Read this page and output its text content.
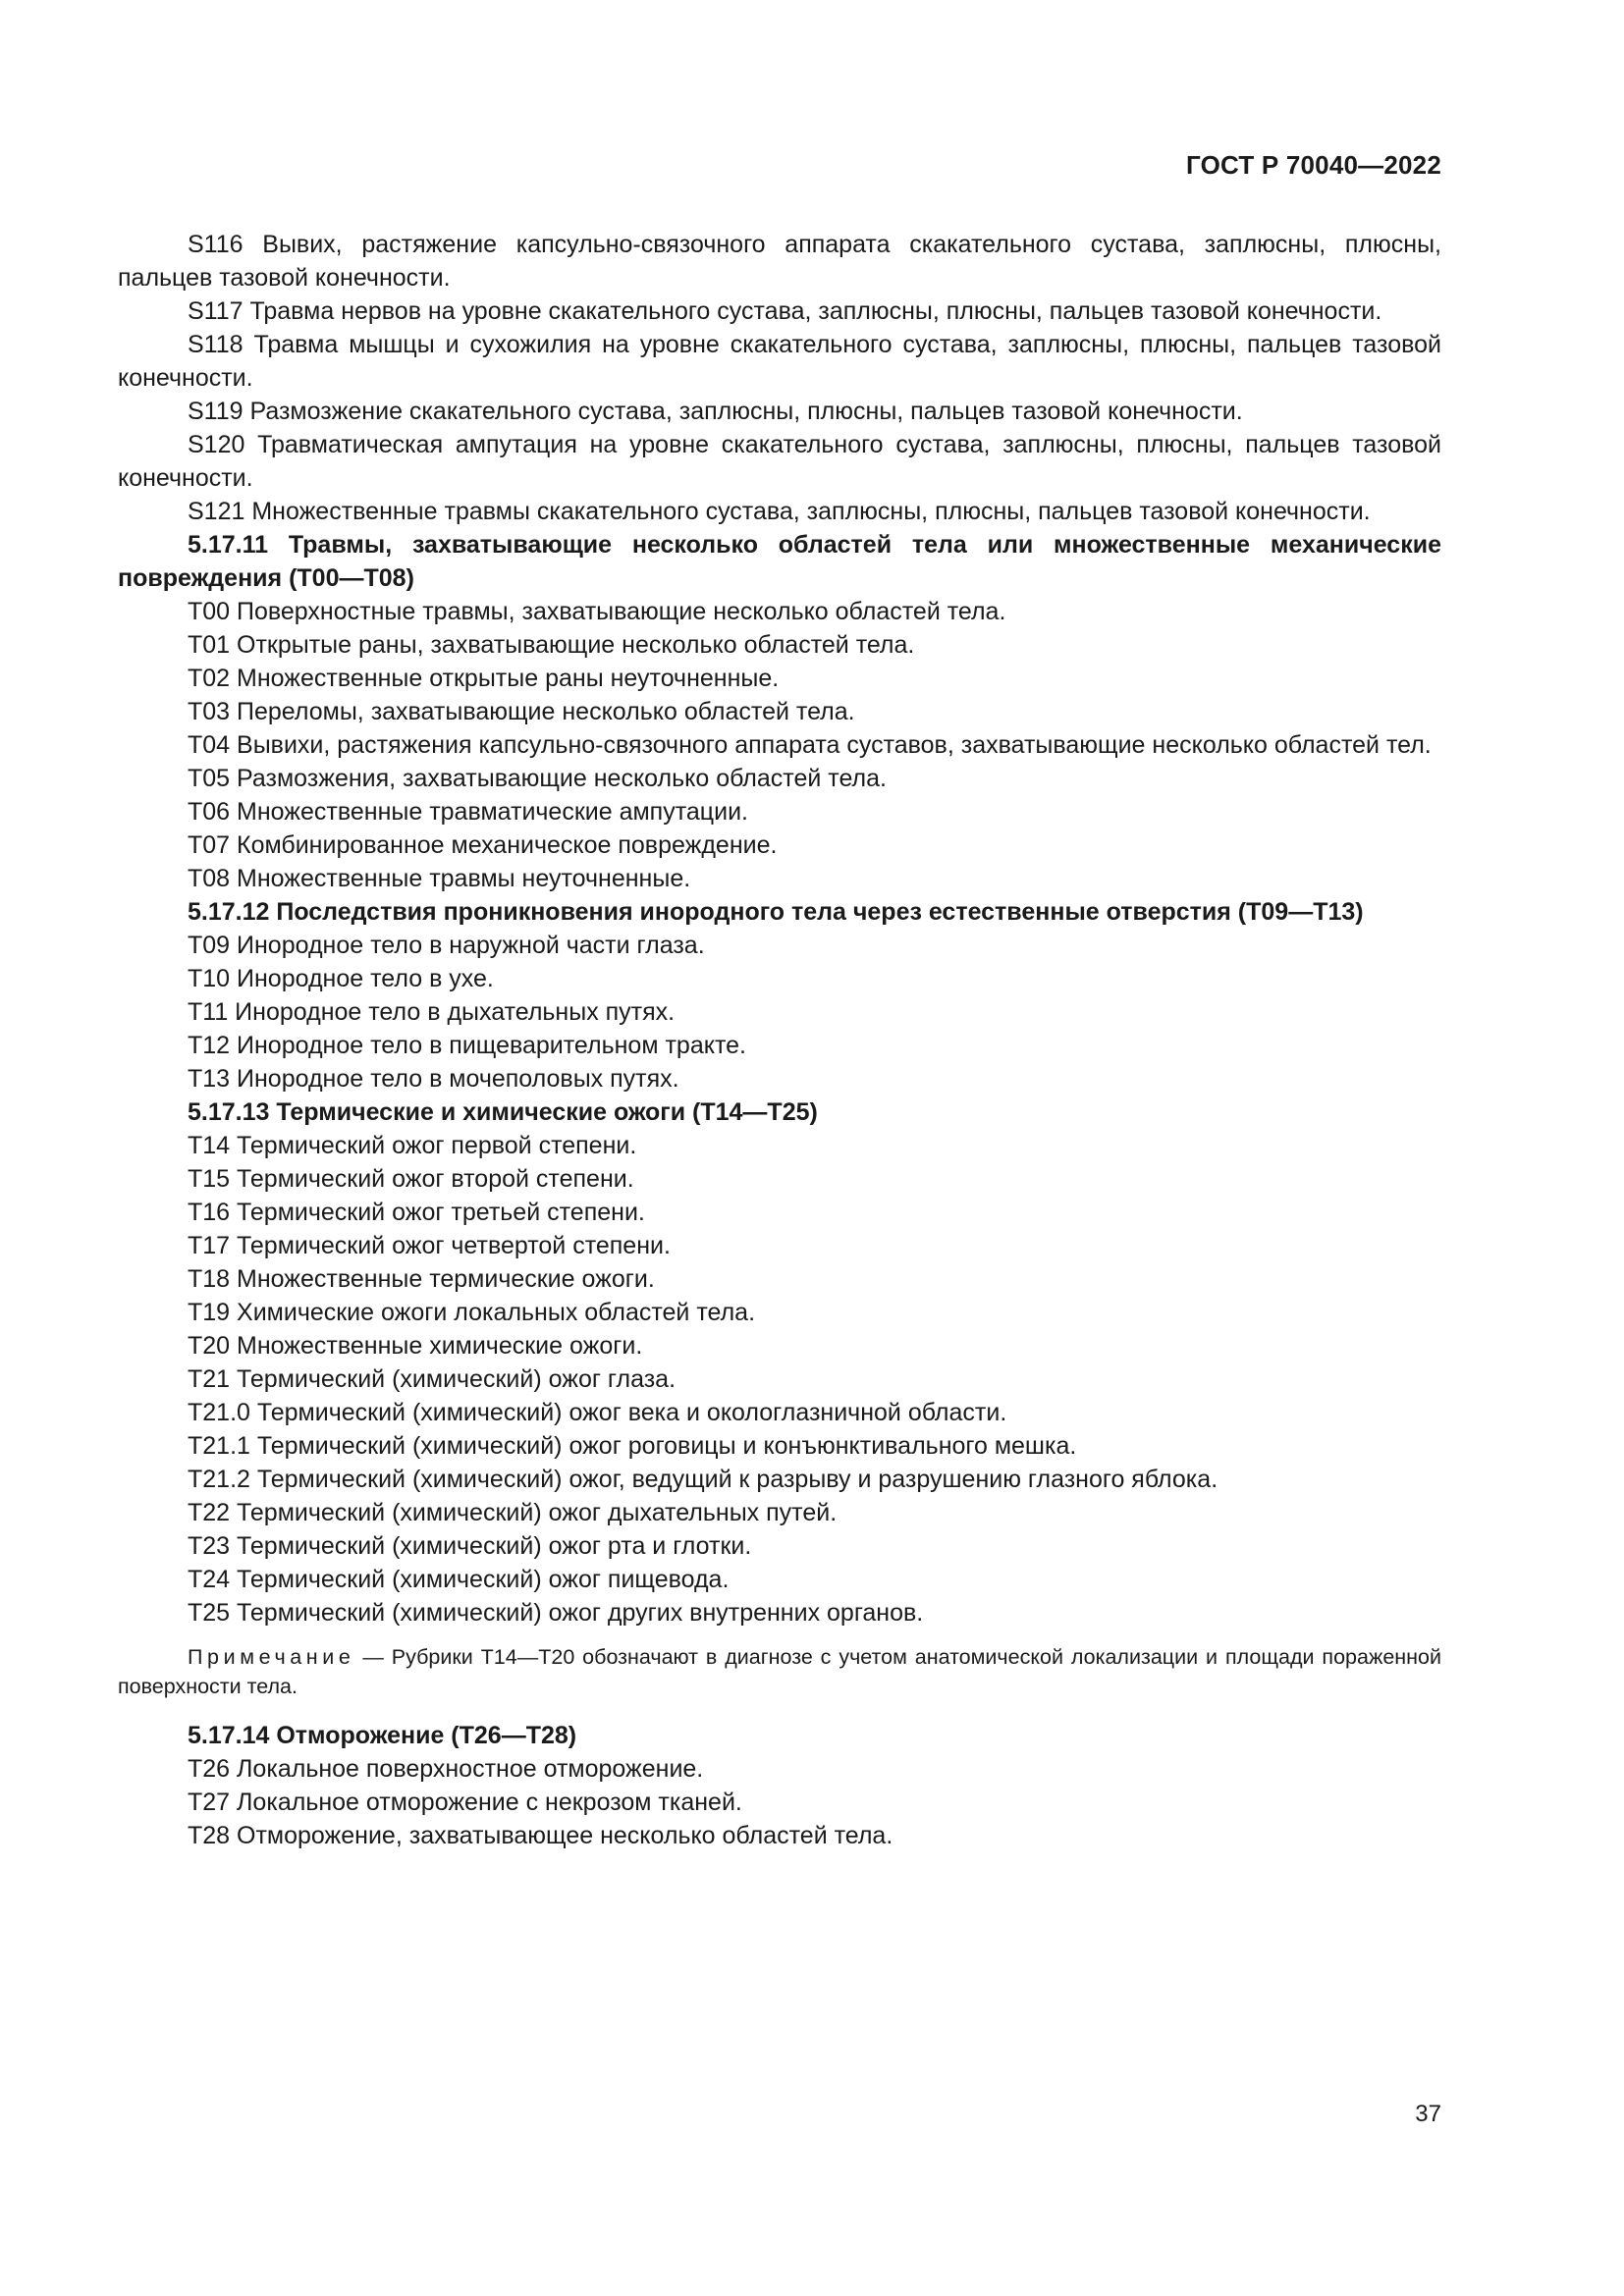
ГОСТ Р 70040—2022

S116 Вывих, растяжение капсульно-связочного аппарата скакательного сустава, заплюсны, плюсны, пальцев тазовой конечности.

S117 Травма нервов на уровне скакательного сустава, заплюсны, плюсны, пальцев тазовой конечности.

S118 Травма мышцы и сухожилия на уровне скакательного сустава, заплюсны, плюсны, пальцев тазовой конечности.

S119 Размозжение скакательного сустава, заплюсны, плюсны, пальцев тазовой конечности.

S120 Травматическая ампутация на уровне скакательного сустава, заплюсны, плюсны, пальцев тазовой конечности.

S121 Множественные травмы скакательного сустава, заплюсны, плюсны, пальцев тазовой конечности.

5.17.11 Травмы, захватывающие несколько областей тела или множественные механические повреждения (T00—T08)

T00 Поверхностные травмы, захватывающие несколько областей тела.

T01 Открытые раны, захватывающие несколько областей тела.

T02 Множественные открытые раны неуточненные.

T03 Переломы, захватывающие несколько областей тела.

T04 Вывихи, растяжения капсульно-связочного аппарата суставов, захватывающие несколько областей тел.

T05 Размозжения, захватывающие несколько областей тела.

T06 Множественные травматические ампутации.

T07 Комбинированное механическое повреждение.

T08 Множественные травмы неуточненные.

5.17.12 Последствия проникновения инородного тела через естественные отверстия (T09—T13)

T09 Инородное тело в наружной части глаза.

T10 Инородное тело в ухе.

T11 Инородное тело в дыхательных путях.

T12 Инородное тело в пищеварительном тракте.

T13 Инородное тело в мочеполовых путях.

5.17.13 Термические и химические ожоги (T14—T25)

T14 Термический ожог первой степени.

T15 Термический ожог второй степени.

T16 Термический ожог третьей степени.

T17 Термический ожог четвертой степени.

T18 Множественные термические ожоги.

T19 Химические ожоги локальных областей тела.

T20 Множественные химические ожоги.

T21 Термический (химический) ожог глаза.

T21.0 Термический (химический) ожог века и окологлазничной области.

T21.1 Термический (химический) ожог роговицы и конъюнктивального мешка.

T21.2 Термический (химический) ожог, ведущий к разрыву и разрушению глазного яблока.

T22 Термический (химический) ожог дыхательных путей.

T23 Термический (химический) ожог рта и глотки.

T24 Термический (химический) ожог пищевода.

T25 Термический (химический) ожог других внутренних органов.

Примечание — Рубрики T14—T20 обозначают в диагнозе с учетом анатомической локализации и площади пораженной поверхности тела.

5.17.14 Отморожение (T26—T28)

T26 Локальное поверхностное отморожение.

T27 Локальное отморожение с некрозом тканей.

T28 Отморожение, захватывающее несколько областей тела.

37
